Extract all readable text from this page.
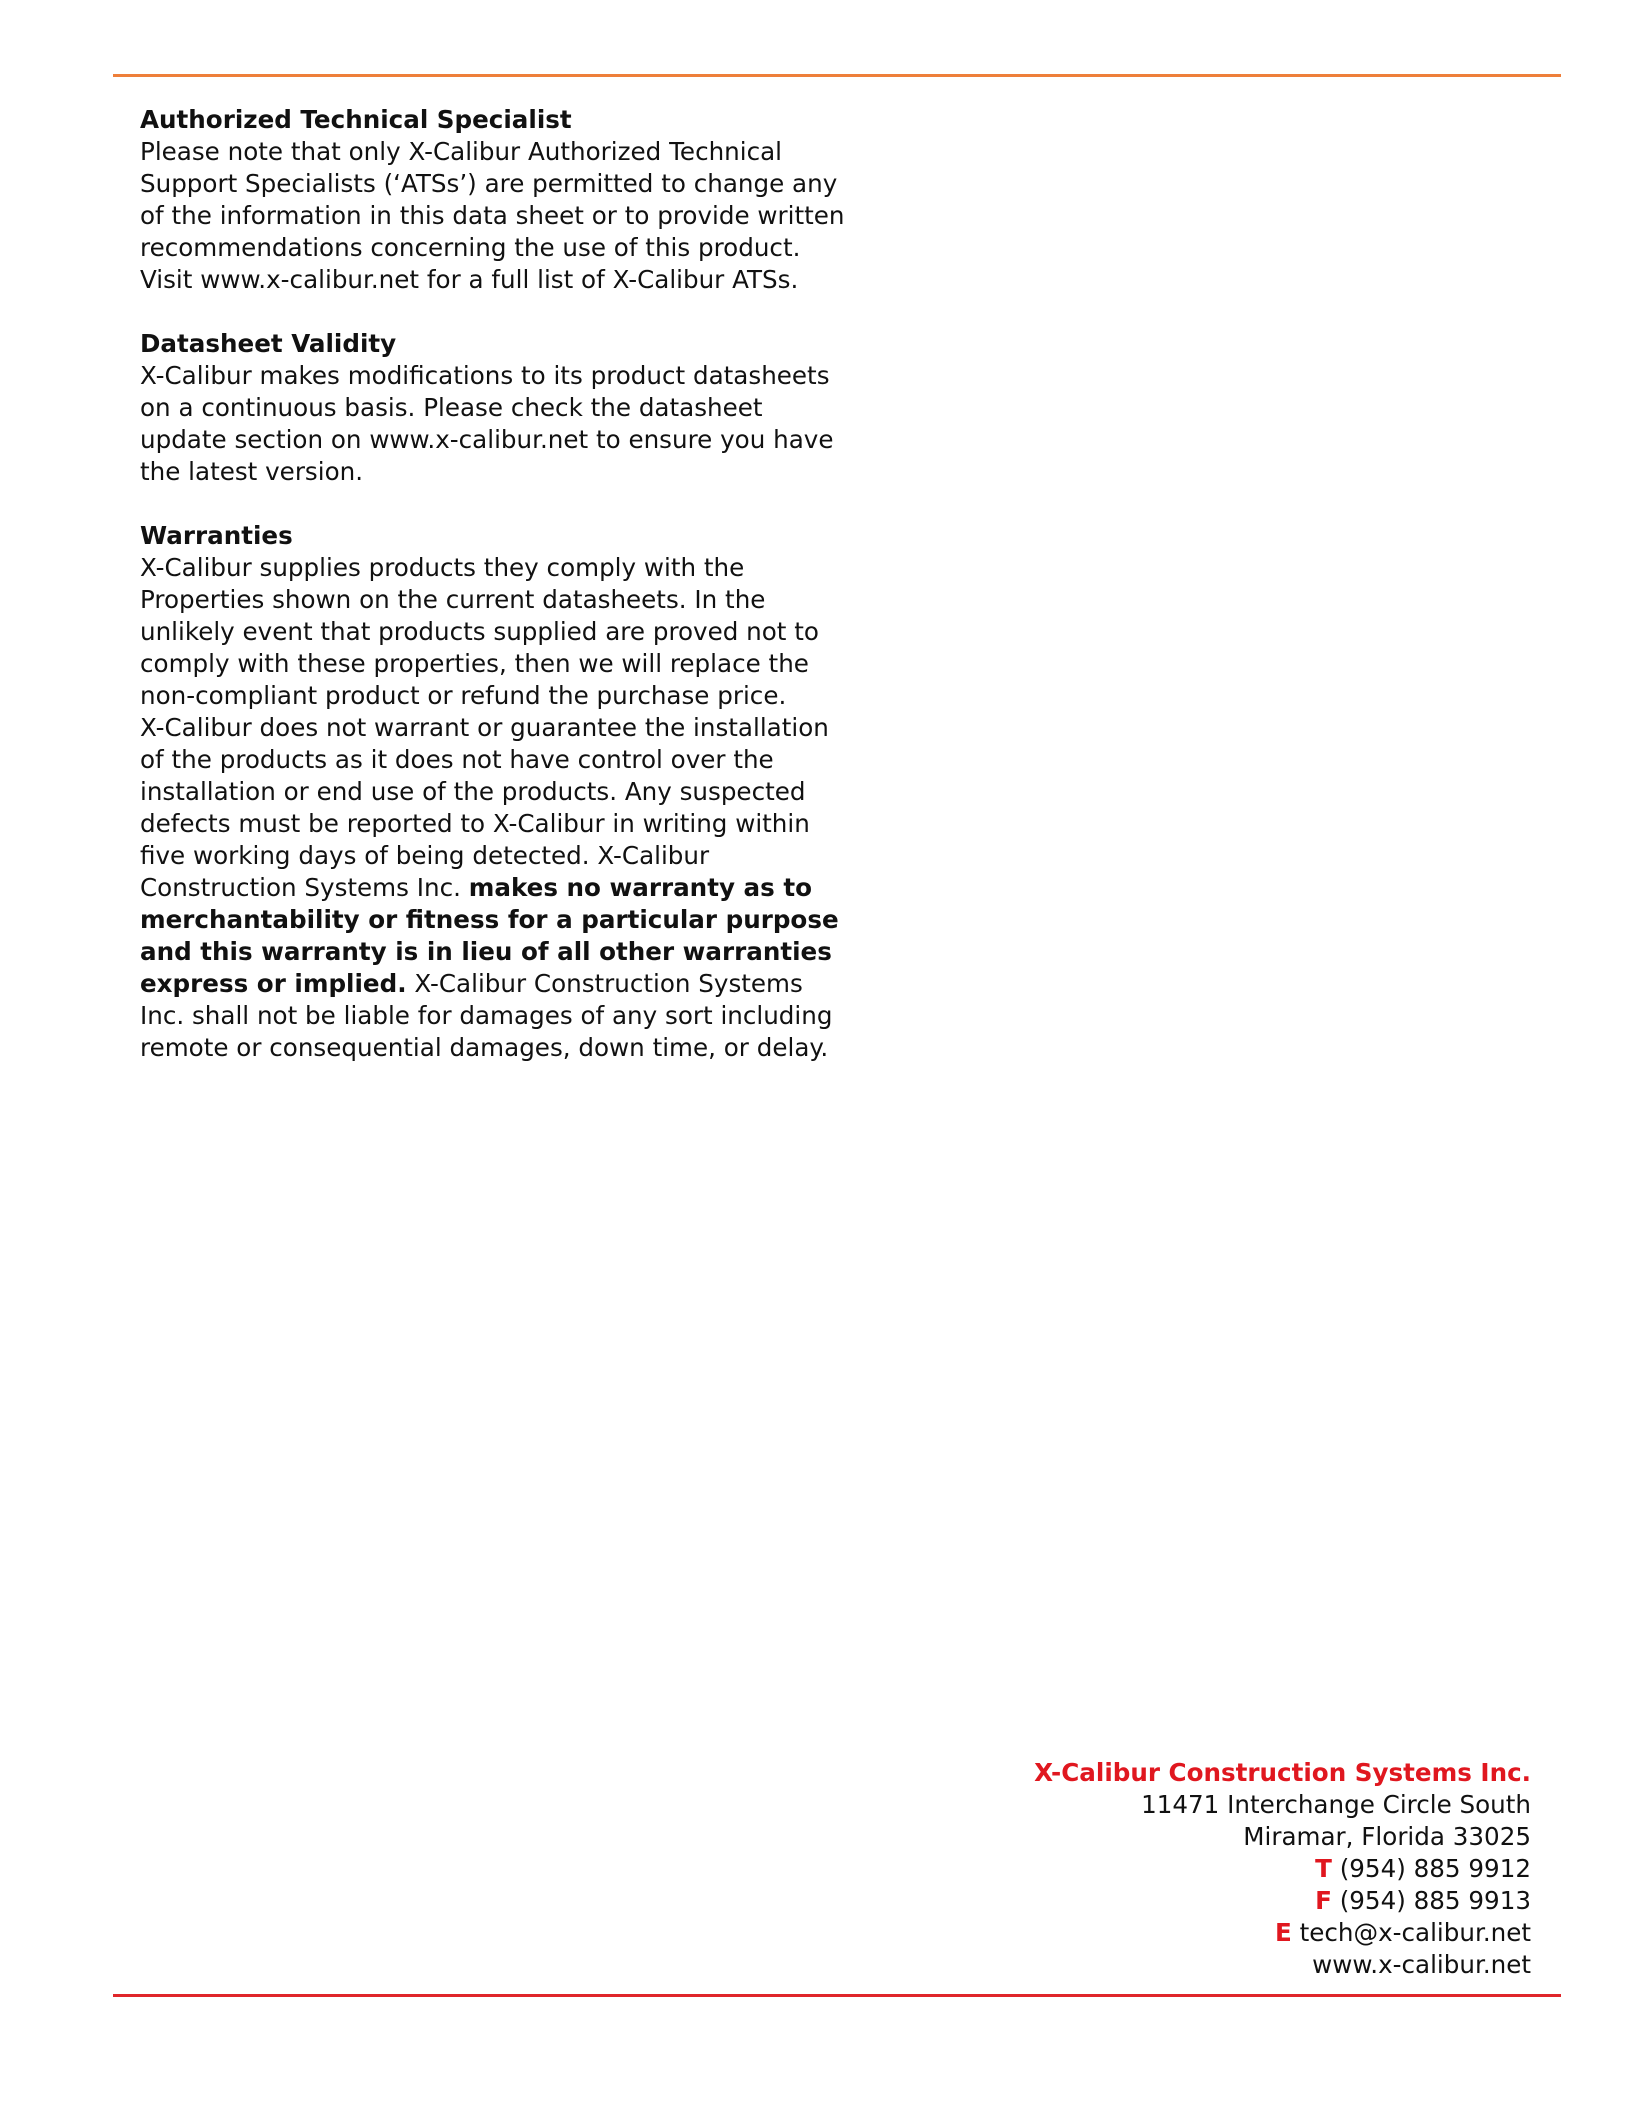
Authorized Technical Specialist
Please note that only X-Calibur Authorized Technical
Support Specialists (‘ATSs’) are permitted to change any
of the information in this data sheet or to provide written
recommendations concerning the use of this product.
Visit www.x-calibur.net for a full list of X-Calibur ATSs.
Datasheet Validity
X-Calibur makes modifications to its product datasheets
on a continuous basis. Please check the datasheet
update section on www.x-calibur.net to ensure you have
the latest version.
Warranties
X-Calibur supplies products they comply with the
Properties shown on the current datasheets. In the
unlikely event that products supplied are proved not to
comply with these properties, then we will replace the
non-compliant product or refund the purchase price.
X-Calibur does not warrant or guarantee the installation
of the products as it does not have control over the
installation or end use of the products. Any suspected
defects must be reported to X-Calibur in writing within
five working days of being detected. X-Calibur
Construction Systems Inc. makes no warranty as to
merchantability or fitness for a particular purpose
and this warranty is in lieu of all other warranties
express or implied. X-Calibur Construction Systems
Inc. shall not be liable for damages of any sort including
remote or consequential damages, down time, or delay.
X-Calibur Construction Systems Inc.
11471 Interchange Circle South
Miramar, Florida 33025
T (954) 885 9912
F (954) 885 9913
E tech@x-calibur.net
www.x-calibur.net
